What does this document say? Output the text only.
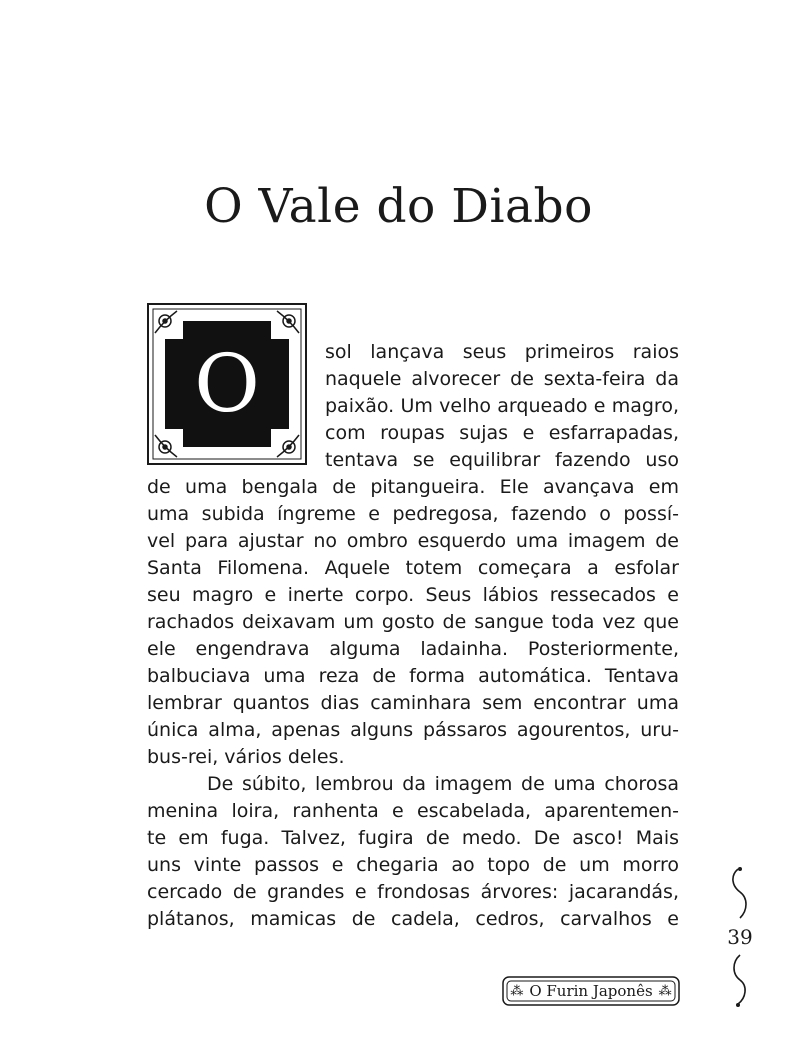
O Vale do Diabo
O	sol lançava seus primeiros raios
naquele alvorecer de sexta-feira da
paixão. Um velho arqueado e magro,
com roupas sujas e esfarrapadas,
tentava se equilibrar fazendo uso
de uma bengala de pitangueira. Ele avançava em
uma subida íngreme e pedregosa, fazendo o possí-
vel para ajustar no ombro esquerdo uma imagem de
Santa Filomena. Aquele totem começara a esfolar
seu magro e inerte corpo. Seus lábios ressecados e
rachados deixavam um gosto de sangue toda vez que
ele engendrava alguma ladainha. Posteriormente,
balbuciava uma reza de forma automática. Tentava
lembrar quantos dias caminhara sem encontrar uma
única alma, apenas alguns pássaros agourentos, uru-
bus-rei, vários deles.
De súbito, lembrou da imagem de uma chorosa
menina loira, ranhenta e escabelada, aparentemen-
te em fuga. Talvez, fugira de medo. De asco! Mais
uns vinte passos e chegaria ao topo de um morro
cercado de grandes e frondosas árvores: jacarandás,
plátanos, mamicas de cadela, cedros, carvalhos e
39
⁂ O Furin Japonês ⁂
